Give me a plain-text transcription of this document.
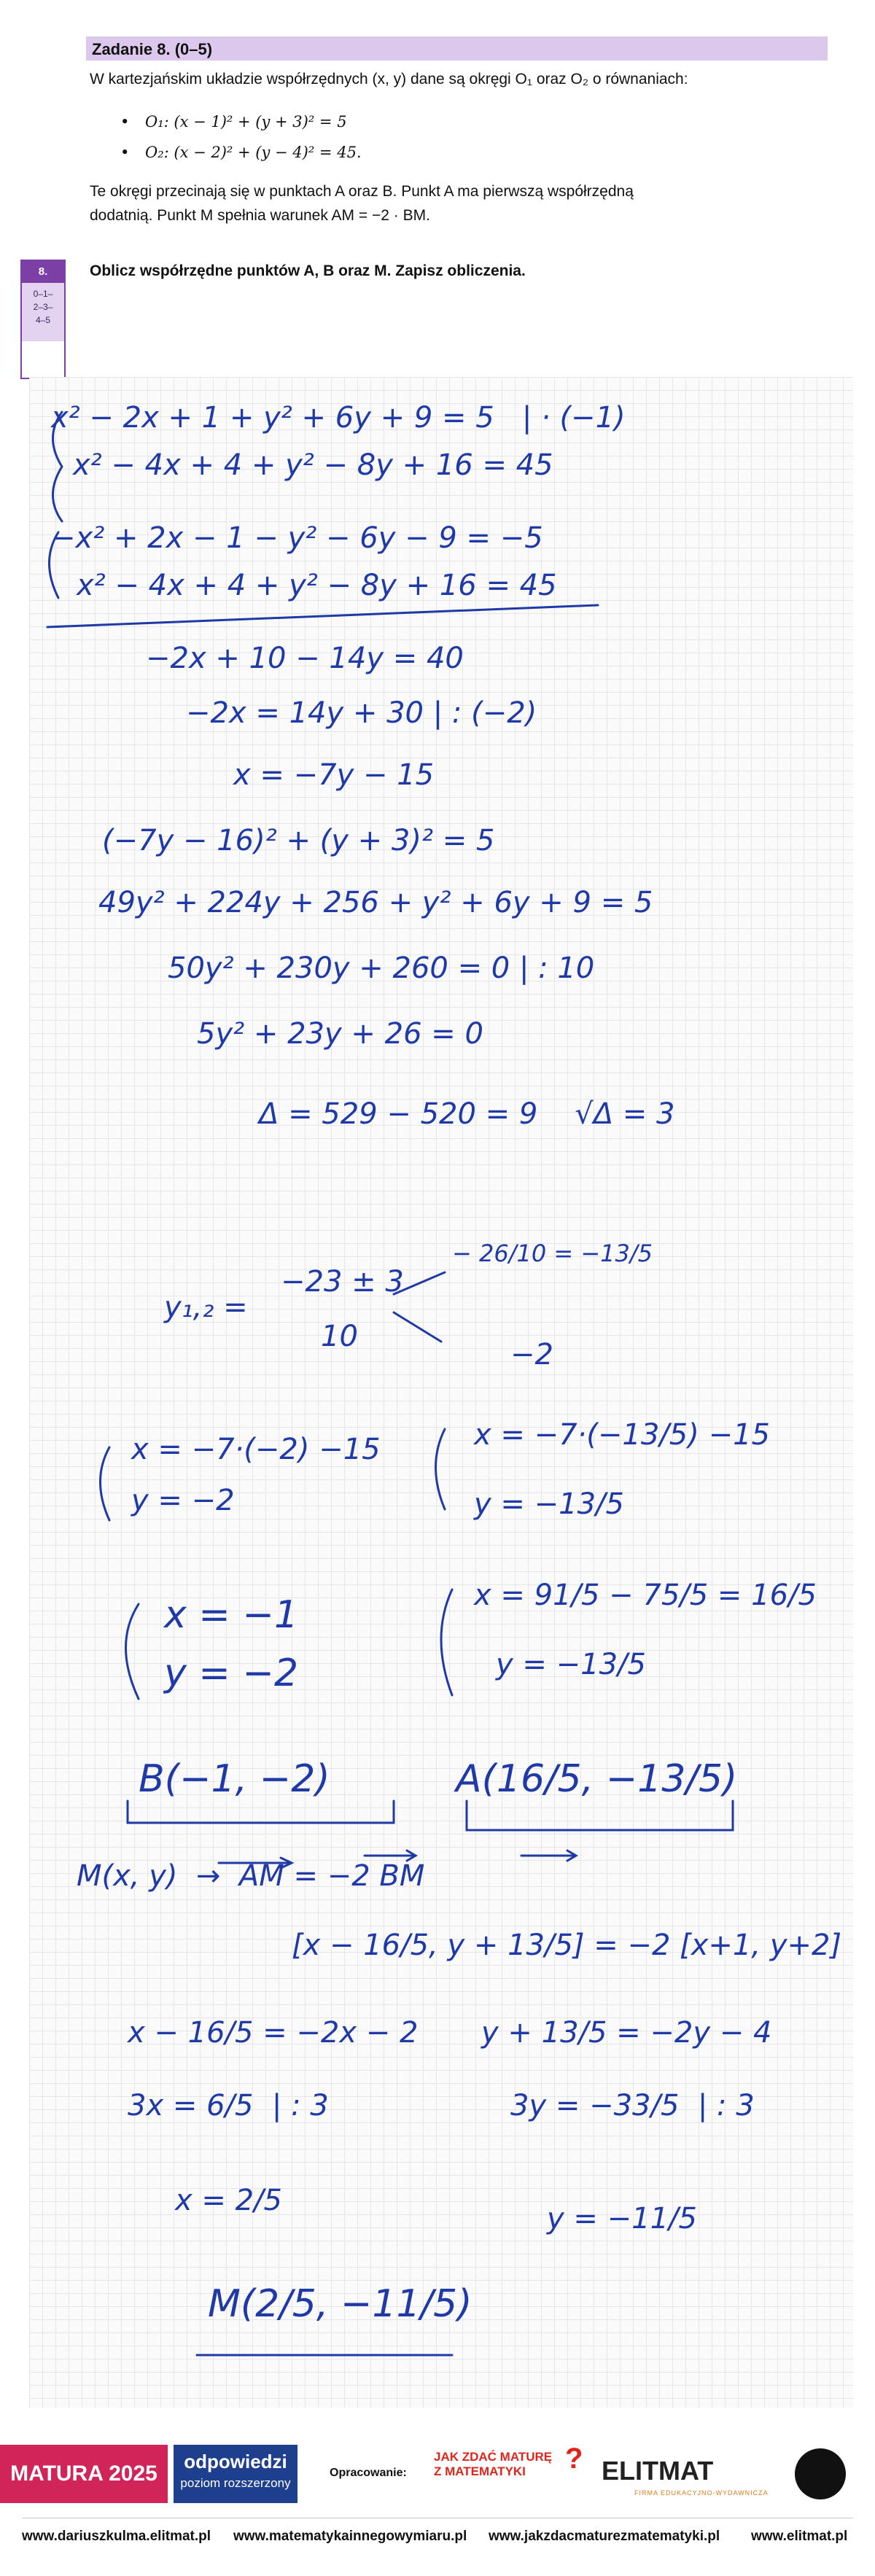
Zadanie 8. (0–5)
W kartezjańskim układzie współrzędnych (x, y) dane są okręgi O₁ oraz O₂ o równaniach:
• O₁: (x − 1)² + (y + 3)² = 5
• O₂: (x − 2)² + (y − 4)² = 45.
Te okręgi przecinają się w punktach A oraz B. Punkt A ma pierwszą współrzędną
dodatnią. Punkt M spełnia warunek AM = −2 · BM.
8.
0–1–
2–3–
4–5
Oblicz współrzędne punktów A, B oraz M. Zapisz obliczenia.
x² − 2x + 1 + y² + 6y + 9 = 5   | · (−1)
x² − 4x + 4 + y² − 8y + 16 = 45
−x² + 2x − 1 − y² − 6y − 9 = −5
x² − 4x + 4 + y² − 8y + 16 = 45
−2x + 10 − 14y = 40
−2x = 14y + 30 | : (−2)
x = −7y − 15
(−7y − 16)² + (y + 3)² = 5
49y² + 224y + 256 + y² + 6y + 9 = 5
50y² + 230y + 260 = 0 | : 10
5y² + 23y + 26 = 0
Δ = 529 − 520 = 9    √Δ = 3
y₁,₂ =
−23 ± 3
10
− 26/10 = −13/5
−2
x = −7·(−2) −15
y = −2
x = −7·(−13/5) −15
y = −13/5
x = −1
y = −2
x = 91/5 − 75/5 = 16/5
y = −13/5
B(−1, −2)	A(16/5, −13/5)
M(x, y)  →  AM = −2 BM
[x − 16/5, y + 13/5] = −2 [x+1, y+2]
x − 16/5 = −2x − 2 y + 13/5 = −2y − 4
3x = 6/5  | : 3	3y = −33/5  | : 3
x = 2/5
y = −11/5
M(2/5, −11/5)
MATURA 2025	odpowiedzi
poziom rozszerzony
Opracowanie:
JAK ZDAĆ MATURĘ
Z MATEMATYKI	? ELITMAT
FIRMA EDUKACYJNO-WYDAWNICZA
www.dariuszkulma.elitmat.pl www.matematykainnegowymiaru.pl www.jakzdacmaturezmatematyki.pl www.elitmat.pl
